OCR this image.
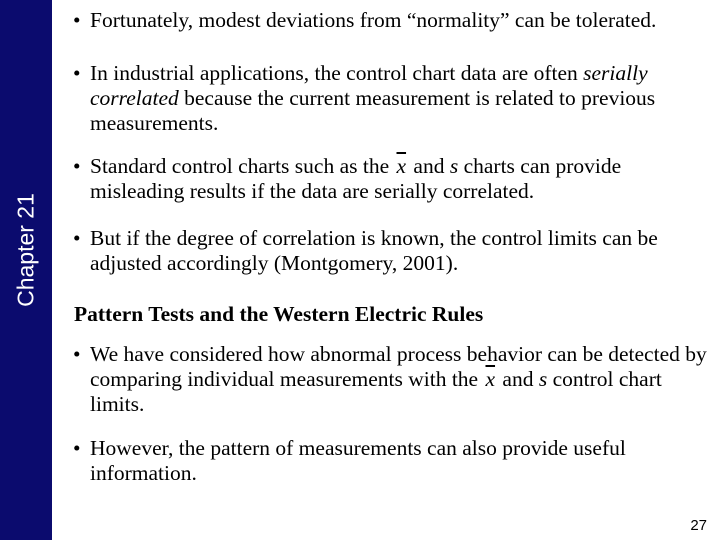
Chapter 21
• Fortunately, modest deviations from “normality” can be tolerated.
• In industrial applications, the control chart data are often serially correlated because the current measurement is related to previous measurements.
• Standard control charts such as the $\overline{x}$ and s charts can provide misleading results if the data are serially correlated.
• But if the degree of correlation is known, the control limits can be adjusted accordingly (Montgomery, 2001).
Pattern Tests and the Western Electric Rules
• We have considered how abnormal process behavior can be detected by comparing individual measurements with the $\overline{x}$ and s control chart limits.
• However, the pattern of measurements can also provide useful information.
27
